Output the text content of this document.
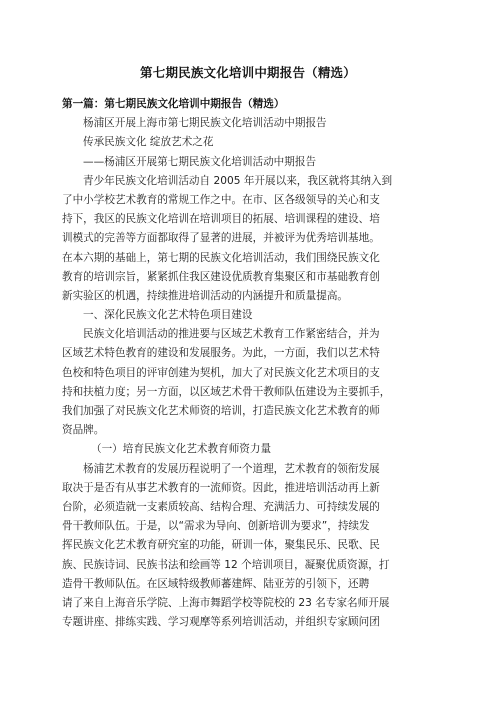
第七期民族文化培训中期报告（精选）
第一篇：第七期民族文化培训中期报告（精选）
杨浦区开展上海市第七期民族文化培训活动中期报告
传承民族文化 绽放艺术之花
——杨浦区开展第七期民族文化培训活动中期报告
青少年民族文化培训活动自 2005 年开展以来，我区就将其纳入到
了中小学校艺术教育的常规工作之中。在市、区各级领导的关心和支
持下，我区的民族文化培训在培训项目的拓展、培训课程的建设、培
训模式的完善等方面都取得了显著的进展，并被评为优秀培训基地。
在本六期的基础上，第七期的民族文化培训活动，我们围绕民族文化
教育的培训宗旨，紧紧抓住我区建设优质教育集聚区和市基础教育创
新实验区的机遇，持续推进培训活动的内涵提升和质量提高。
一、深化民族文化艺术特色项目建设
民族文化培训活动的推进要与区域艺术教育工作紧密结合，并为
区域艺术特色教育的建设和发展服务。为此，一方面，我们以艺术特
色校和特色项目的评审创建为契机，加大了对民族文化艺术项目的支
持和扶植力度；另一方面，以区域艺术骨干教师队伍建设为主要抓手，
我们加强了对民族文化艺术师资的培训，打造民族文化艺术教育的师
资品牌。
（一）培育民族文化艺术教育师资力量
杨浦艺术教育的发展历程说明了一个道理，艺术教育的领衔发展
取决于是否有从事艺术教育的一流师资。因此，推进培训活动再上新
台阶，必须造就一支素质较高、结构合理、充满活力、可持续发展的
骨干教师队伍。于是，以“需求为导向、创新培训为要求”，持续发
挥民族文化艺术教育研究室的功能，研训一体，聚集民乐、民歌、民
族、民族诗词、民族书法和绘画等 12 个培训项目，凝聚优质资源，打
造骨干教师队伍。在区域特级教师蕃建辉、陆亚芳的引领下，还聘
请了来自上海音乐学院、上海市舞蹈学校等院校的 23 名专家名师开展
专题讲座、排练实践、学习观摩等系列培训活动，并组织专家顾问团
